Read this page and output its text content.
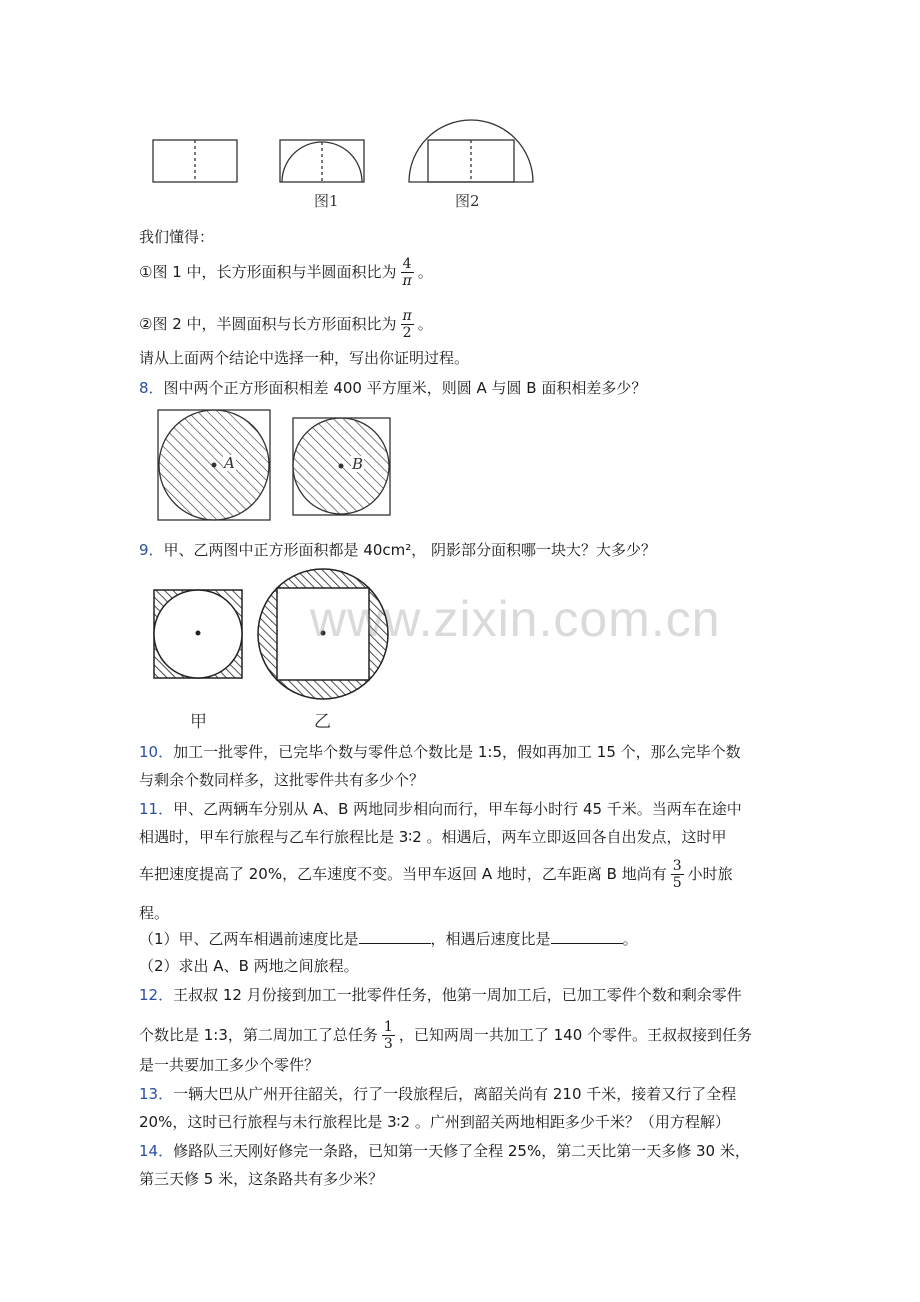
图1	图2
我们懂得：
①图 1 中，长方形面积与半圆面积比为 $\frac{4}{\pi}$ 。
②图 2 中，半圆面积与长方形面积比为 $\frac{\pi}{2}$ 。
请从上面两个结论中选择一种，写出你证明过程。
8．图中两个正方形面积相差 400 平方厘米，则圆 A 与圆 B 面积相差多少？
A	B
9．甲、乙两图中正方形面积都是 40cm²， 阴影部分面积哪一块大？大多少？
甲	乙
www.zixin.com.cn
10．加工一批零件，已完毕个数与零件总个数比是 1:5，假如再加工 15 个，那么完毕个数
与剩余个数同样多，这批零件共有多少个？
11．甲、乙两辆车分别从 A、B 两地同步相向而行，甲车每小时行 45 千米。当两车在途中
相遇时，甲车行旅程与乙车行旅程比是 3∶2 。相遇后，两车立即返回各自出发点，这时甲
车把速度提高了 20%，乙车速度不变。当甲车返回 A 地时，乙车距离 B 地尚有 $\frac{3}{5}$ 小时旅
程。
（1）甲、乙两车相遇前速度比是	，相遇后速度比是	。
（2）求出 A、B 两地之间旅程。
12．王叔叔 12 月份接到加工一批零件任务，他第一周加工后，已加工零件个数和剩余零件
个数比是 1:3，第二周加工了总任务 $\frac{1}{3}$ ，已知两周一共加工了 140 个零件。王叔叔接到任务
是一共要加工多少个零件？
13．一辆大巴从广州开往韶关，行了一段旅程后，离韶关尚有 210 千米，接着又行了全程
20%，这时已行旅程与未行旅程比是 3∶2 。广州到韶关两地相距多少千米？（用方程解）
14．修路队三天刚好修完一条路，已知第一天修了全程 25%，第二天比第一天多修 30 米，
第三天修 5 米，这条路共有多少米？
